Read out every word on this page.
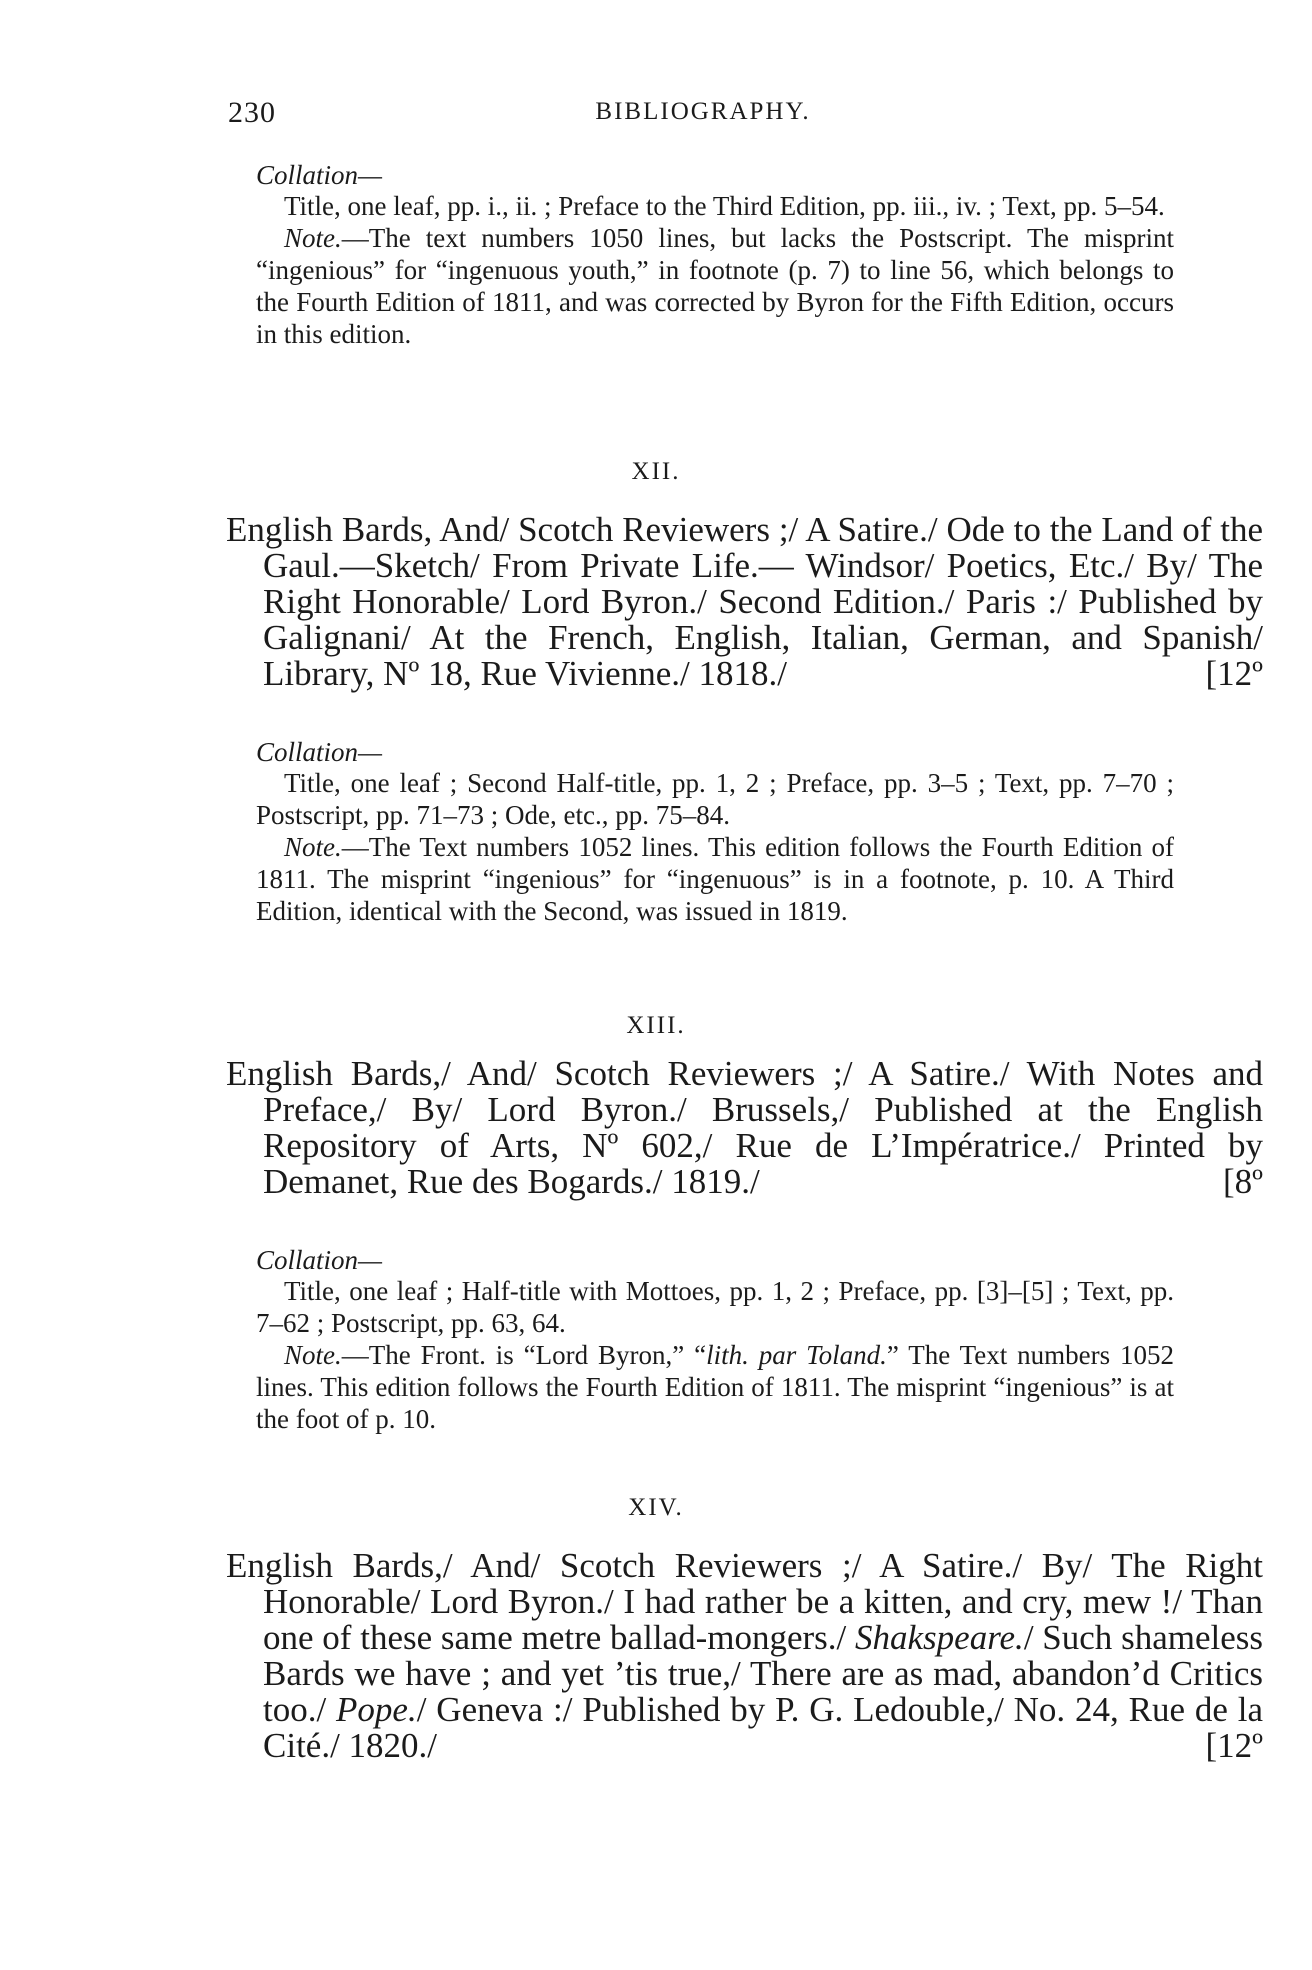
230	BIBLIOGRAPHY.

Collation—

Title, one leaf, pp. i., ii. ; Preface to the Third Edition, pp. iii., iv. ; Text, pp. 5–54.

Note.—The text numbers 1050 lines, but lacks the Postscript. The misprint “ingenious” for “ingenuous youth,” in footnote (p. 7) to line 56, which belongs to the Fourth Edition of 1811, and was corrected by Byron for the Fifth Edition, occurs in this edition.

XII.

English Bards, And/ Scotch Reviewers ;/ A Satire./ Ode to the Land of the Gaul.—Sketch/ From Private Life.— Windsor/ Poetics, Etc./ By/ The Right Honorable/ Lord Byron./ Second Edition./ Paris :/ Published by Galignani/ At the French, English, Italian, German, and Spanish/ Library, Nº 18, Rue Vivienne./ 1818./	[12º

Collation—

Title, one leaf ; Second Half-title, pp. 1, 2 ; Preface, pp. 3–5 ; Text, pp. 7–70 ; Postscript, pp. 71–73 ; Ode, etc., pp. 75–84.

Note.—The Text numbers 1052 lines. This edition follows the Fourth Edition of 1811. The misprint “ingenious” for “ingenuous” is in a footnote, p. 10. A Third Edition, identical with the Second, was issued in 1819.

XIII.

English Bards,/ And/ Scotch Reviewers ;/ A Satire./ With Notes and Preface,/ By/ Lord Byron./ Brussels,/ Published at the English Repository of Arts, Nº 602,/ Rue de L’Impératrice./ Printed by Demanet, Rue des Bogards./ 1819./	[8º

Collation—

Title, one leaf ; Half-title with Mottoes, pp. 1, 2 ; Preface, pp. [3]–[5] ; Text, pp. 7–62 ; Postscript, pp. 63, 64.

Note.—The Front. is “Lord Byron,” “lith. par Toland.” The Text numbers 1052 lines. This edition follows the Fourth Edition of 1811. The misprint “ingenious” is at the foot of p. 10.

XIV.

English Bards,/ And/ Scotch Reviewers ;/ A Satire./ By/ The Right Honorable/ Lord Byron./ I had rather be a kitten, and cry, mew !/ Than one of these same metre ballad-mongers./ Shakspeare./ Such shameless Bards we have ; and yet ’tis true,/ There are as mad, abandon’d Critics too./ Pope./ Geneva :/ Published by P. G. Ledouble,/ No. 24, Rue de la Cité./ 1820./	[12º
